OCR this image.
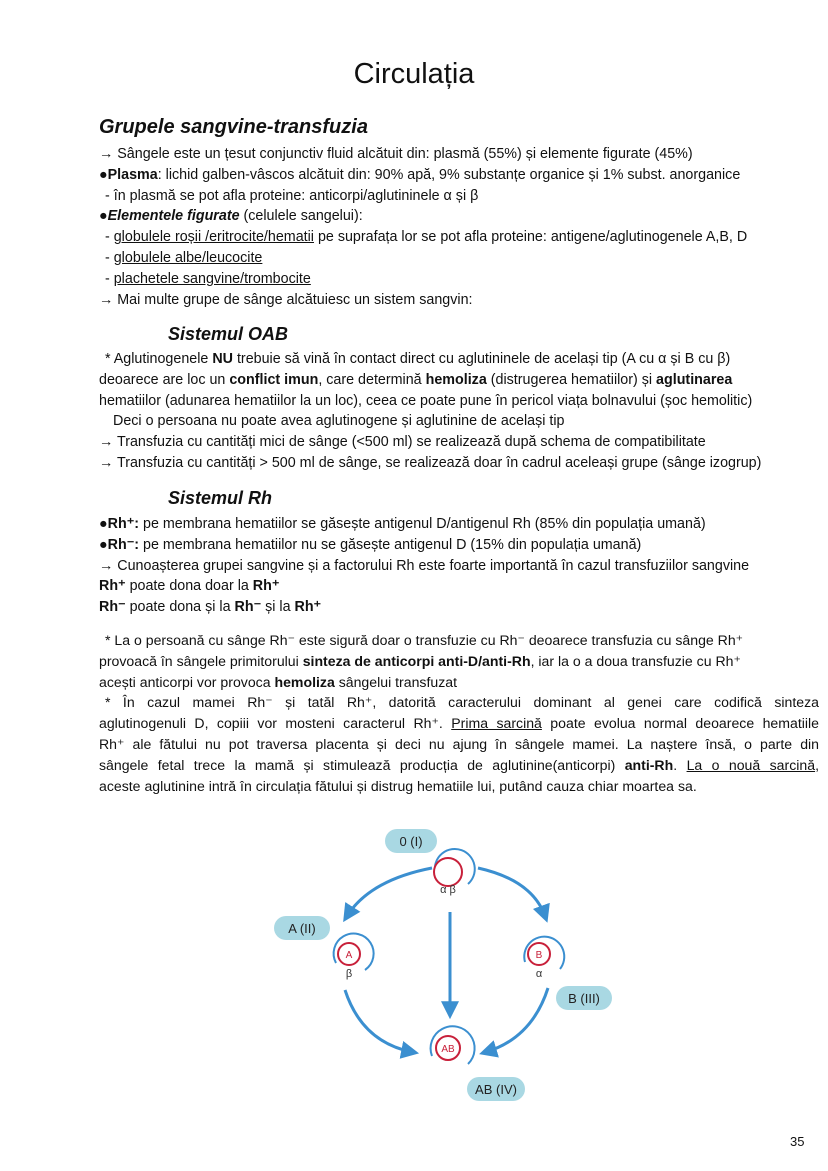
Circulația
Grupele sangvine-transfuzia
→ Sângele este un țesut conjunctiv fluid alcătuit din: plasmă (55%) și elemente figurate (45%)
●Plasma: lichid galben-vâscos alcătuit din: 90% apă, 9% substanțe organice și 1% subst. anorganice
- în plasmă se pot afla proteine: anticorpi/aglutininele α și β
●Elementele figurate (celulele sangelui):
- globulele roșii /eritrocite/hematii pe suprafața lor se pot afla proteine: antigene/aglutinogenele A,B, D
- globulele albe/leucocite
- plachetele sangvine/trombocite
→ Mai multe grupe de sânge alcătuiesc un sistem sangvin:
Sistemul OAB
* Aglutinogenele NU trebuie să vină în contact direct cu aglutininele de același tip (A cu α și B cu β)
deoarece are loc un conflict imun, care determină hemoliza (distrugerea hematiilor) și aglutinarea
hematiilor (adunarea hematiilor la un loc), ceea ce poate pune în pericol viața bolnavului (șoc hemolitic)
Deci o persoana nu poate avea aglutinogene și aglutinine de același tip
→ Transfuzia cu cantități mici de sânge (<500 ml) se realizează după schema de compatibilitate
→ Transfuzia cu cantități > 500 ml de sânge, se realizează doar în cadrul aceleași grupe (sânge izogrup)
Sistemul Rh
●Rh⁺: pe membrana hematiilor se găsește antigenul D/antigenul Rh (85% din populația umană)
●Rh⁻: pe membrana hematiilor nu se găsește antigenul D (15% din populația umană)
→ Cunoașterea grupei sangvine și a factorului Rh este foarte importantă în cazul transfuziilor sangvine
Rh⁺ poate dona doar la Rh⁺
Rh⁻ poate dona și la Rh⁻ și la Rh⁺
* La o persoană cu sânge Rh⁻ este sigură doar o transfuzie cu Rh⁻ deoarece transfuzia cu sânge Rh⁺
provoacă în sângele primitorului sinteza de anticorpi anti-D/anti-Rh, iar la o a doua transfuzie cu Rh⁺
acești anticorpi vor provoca hemoliza sângelui transfuzat
* În cazul mamei Rh⁻ și tatăl Rh⁺, datorită caracterului dominant al genei care codifică sinteza
aglutinogenuli D, copiii vor mosteni caracterul Rh⁺. Prima sarcină poate evolua normal deoarece hematiile
Rh⁺ ale fătului nu pot traversa placenta și deci nu ajung în sângele mamei. La naștere însă, o parte din
sângele fetal trece la mamă și stimulează producția de aglutinine(anticorpi) anti-Rh. La o nouă sarcină,
aceste aglutinine intră în circulația fătului și distrug hematiile lui, putând cauza chiar moartea sa.
0 (I)
α β
A (II)
A
β
B
α
B (III)
AB
AB (IV)
35
